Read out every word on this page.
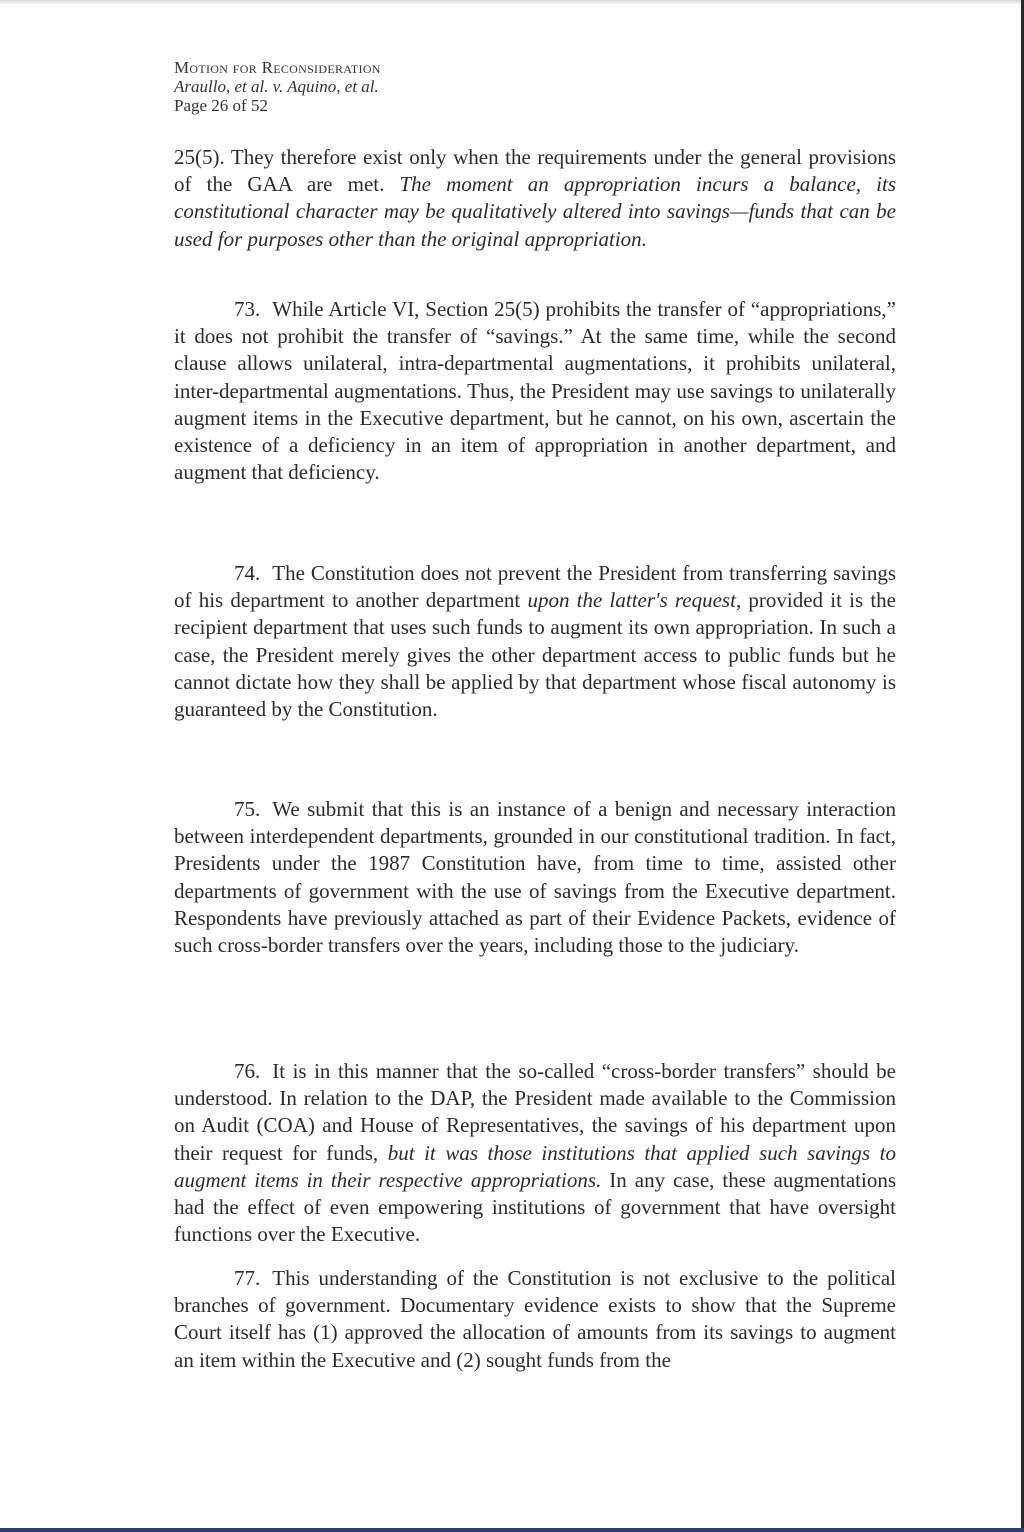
Motion for Reconsideration
Araullo, et al. v. Aquino, et al.
Page 26 of 52

25(5). They therefore exist only when the requirements under the general provisions of the GAA are met. The moment an appropriation incurs a balance, its constitutional character may be qualitatively altered into savings—funds that can be used for purposes other than the original appropriation.

73. While Article VI, Section 25(5) prohibits the transfer of “appropriations,” it does not prohibit the transfer of “savings.” At the same time, while the second clause allows unilateral, intra-departmental augmentations, it prohibits unilateral, inter-departmental augmentations. Thus, the President may use savings to unilaterally augment items in the Executive department, but he cannot, on his own, ascertain the existence of a deficiency in an item of appropriation in another department, and augment that deficiency.

74. The Constitution does not prevent the President from transferring savings of his department to another department upon the latter's request, provided it is the recipient department that uses such funds to augment its own appropriation. In such a case, the President merely gives the other department access to public funds but he cannot dictate how they shall be applied by that department whose fiscal autonomy is guaranteed by the Constitution.

75. We submit that this is an instance of a benign and necessary interaction between interdependent departments, grounded in our constitutional tradition. In fact, Presidents under the 1987 Constitution have, from time to time, assisted other departments of government with the use of savings from the Executive department. Respondents have previously attached as part of their Evidence Packets, evidence of such cross-border transfers over the years, including those to the judiciary.

76. It is in this manner that the so-called “cross-border transfers” should be understood. In relation to the DAP, the President made available to the Commission on Audit (COA) and House of Representatives, the savings of his department upon their request for funds, but it was those institutions that applied such savings to augment items in their respective appropriations. In any case, these augmentations had the effect of even empowering institutions of government that have oversight functions over the Executive.

77. This understanding of the Constitution is not exclusive to the political branches of government. Documentary evidence exists to show that the Supreme Court itself has (1) approved the allocation of amounts from its savings to augment an item within the Executive and (2) sought funds from the
